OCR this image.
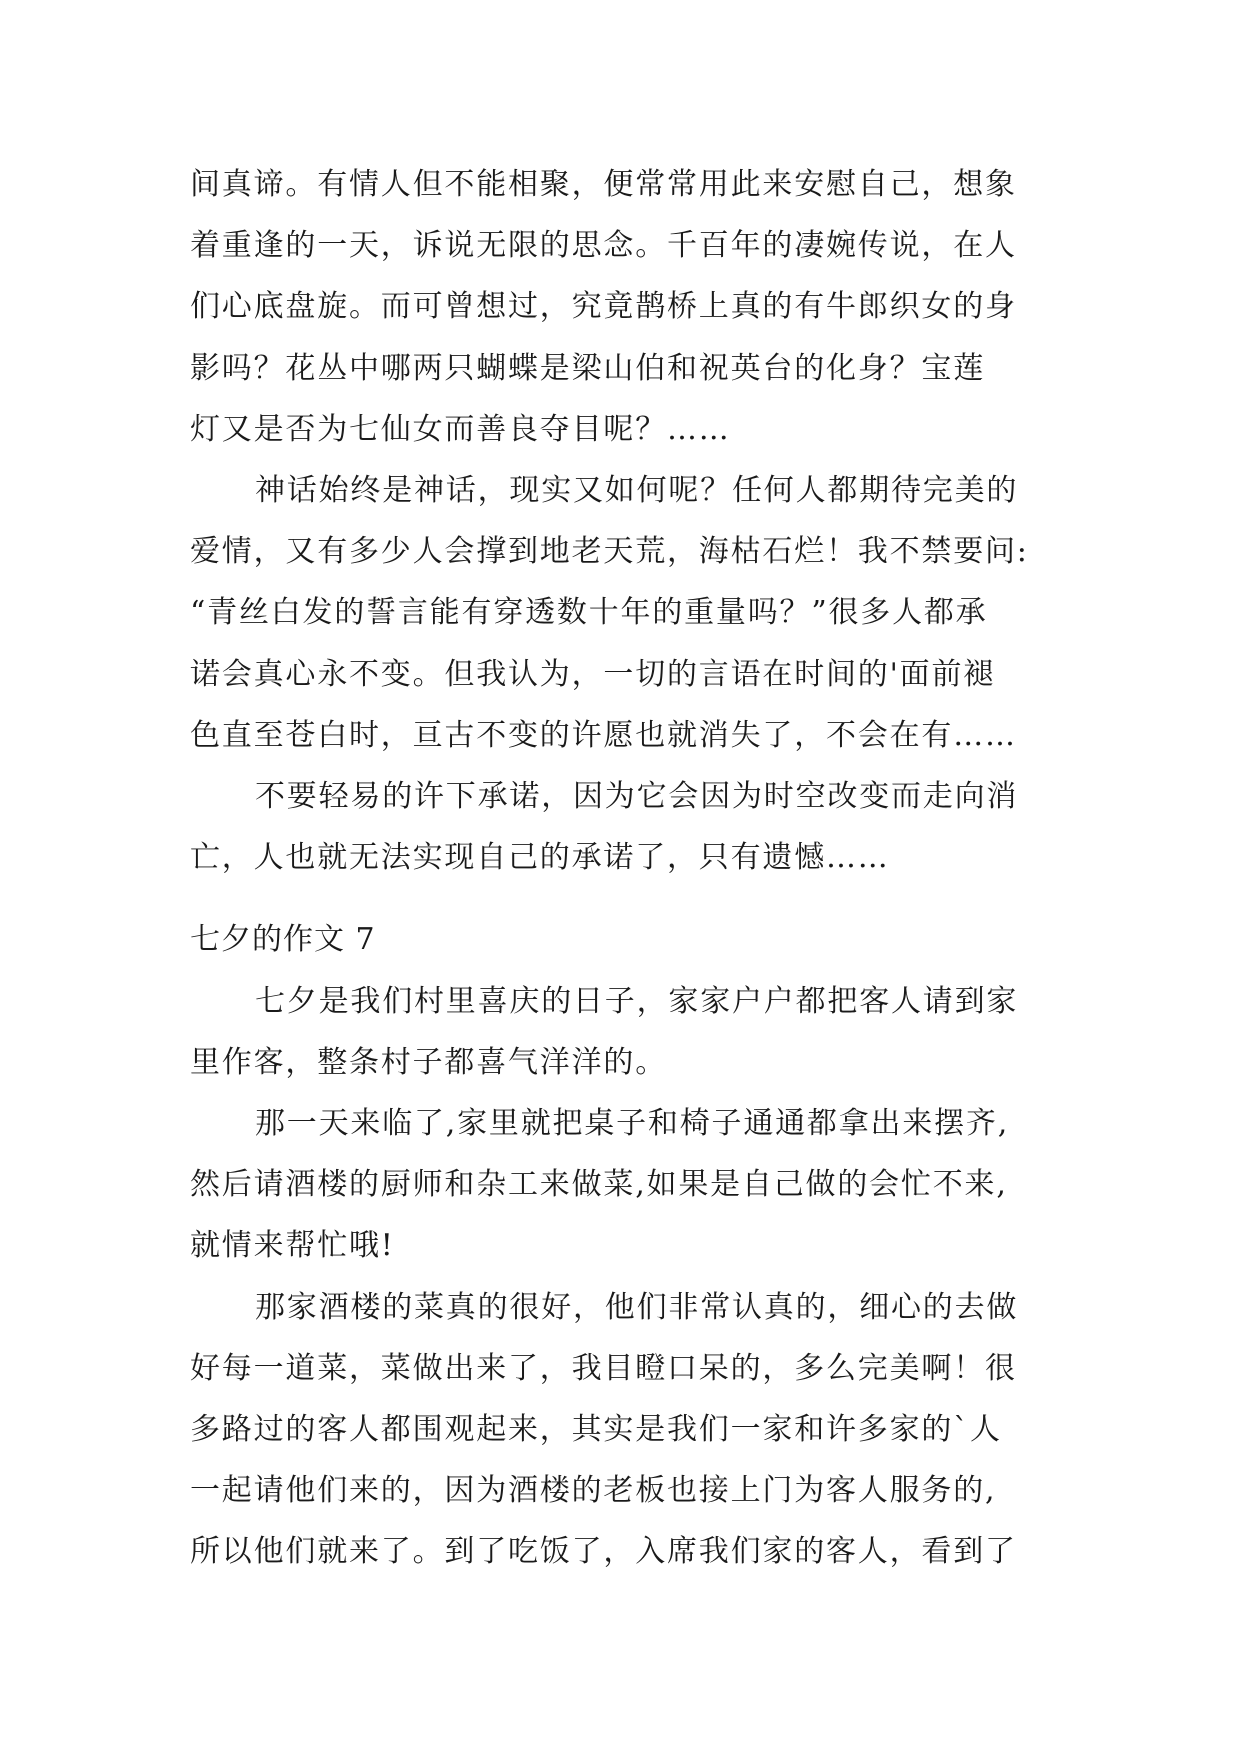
间真谛。有情人但不能相聚，便常常用此来安慰自己，想象
着重逢的一天，诉说无限的思念。千百年的凄婉传说，在人
们心底盘旋。而可曾想过，究竟鹊桥上真的有牛郎织女的身
影吗？花丛中哪两只蝴蝶是梁山伯和祝英台的化身？宝莲
灯又是否为七仙女而善良夺目呢？……
神话始终是神话，现实又如何呢？任何人都期待完美的
爱情，又有多少人会撑到地老天荒，海枯石烂！我不禁要问:
“青丝白发的誓言能有穿透数十年的重量吗？”很多人都承
诺会真心永不变。但我认为，一切的言语在时间的'面前褪
色直至苍白时，亘古不变的许愿也就消失了，不会在有……
不要轻易的许下承诺，因为它会因为时空改变而走向消
亡，人也就无法实现自己的承诺了，只有遗憾……
七夕的作文 7
七夕是我们村里喜庆的日子，家家户户都把客人请到家
里作客，整条村子都喜气洋洋的。
那一天来临了,家里就把桌子和椅子通通都拿出来摆齐,
然后请酒楼的厨师和杂工来做菜,如果是自己做的会忙不来,
就情来帮忙哦!
那家酒楼的菜真的很好，他们非常认真的，细心的去做
好每一道菜，菜做出来了，我目瞪口呆的，多么完美啊！很
多路过的客人都围观起来，其实是我们一家和许多家的`人
一起请他们来的，因为酒楼的老板也接上门为客人服务的,
所以他们就来了。到了吃饭了，入席我们家的客人，看到了
